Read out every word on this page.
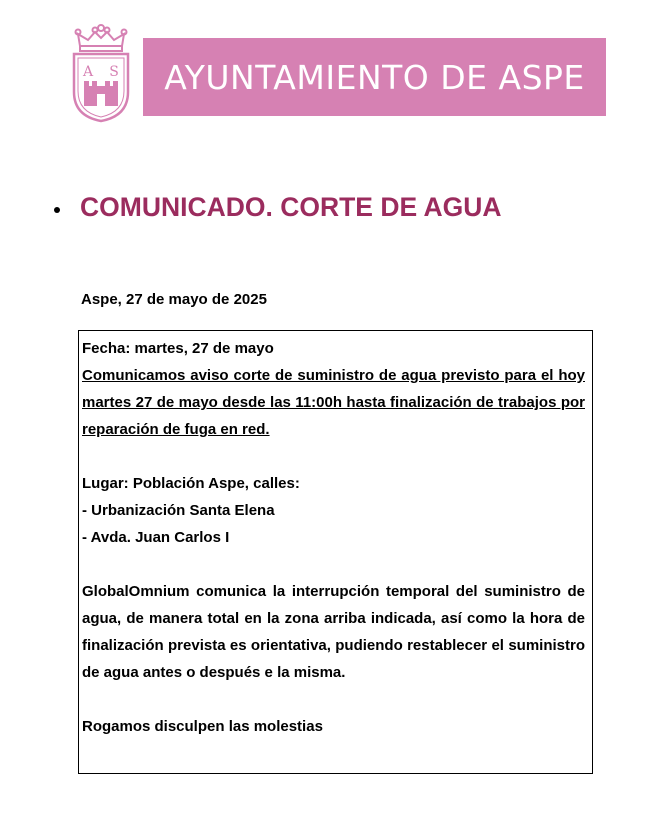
A S
P
AYUNTAMIENTO DE ASPE
COMUNICADO. CORTE DE AGUA
Aspe, 27 de mayo de 2025

Fecha: martes, 27 de mayo

Comunicamos aviso corte de suministro de agua previsto para el hoy martes 27 de mayo desde las 11:00h hasta finalización de trabajos por reparación de fuga en red.

Lugar: Población Aspe, calles:

- Urbanización Santa Elena

- Avda. Juan Carlos I

GlobalOmnium comunica la interrupción temporal del suministro de agua, de manera total en la zona arriba indicada, así como la hora de finalización prevista es orientativa, pudiendo restablecer el suministro de agua antes o después e la misma.

Rogamos disculpen las molestias
